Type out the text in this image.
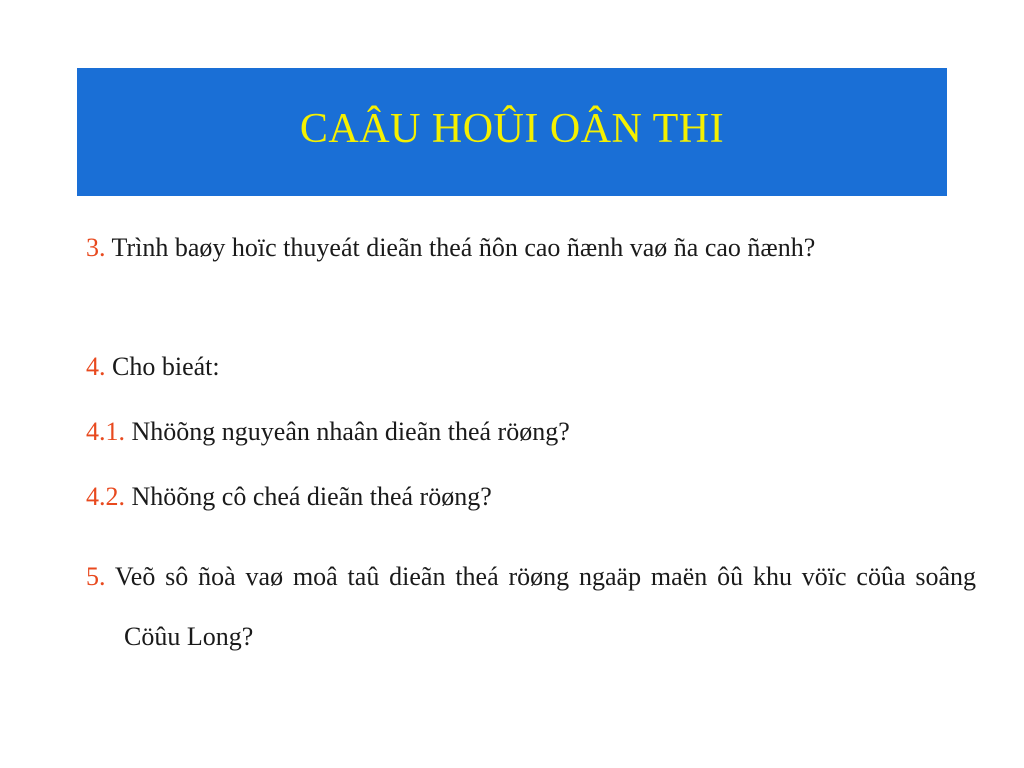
CAÂU HOÛI OÂN THI

3. Trình baøy hoïc thuyeát dieãn theá ñôn cao ñænh vaø ña cao ñænh?

4. Cho bieát:

4.1. Nhöõng nguyeân nhaân dieãn theá röøng?

4.2. Nhöõng cô cheá dieãn theá röøng?

5. Veõ sô ñoà vaø moâ taû dieãn theá röøng ngaäp maën ôû khu vöïc cöûa soâng Cöûu Long?
